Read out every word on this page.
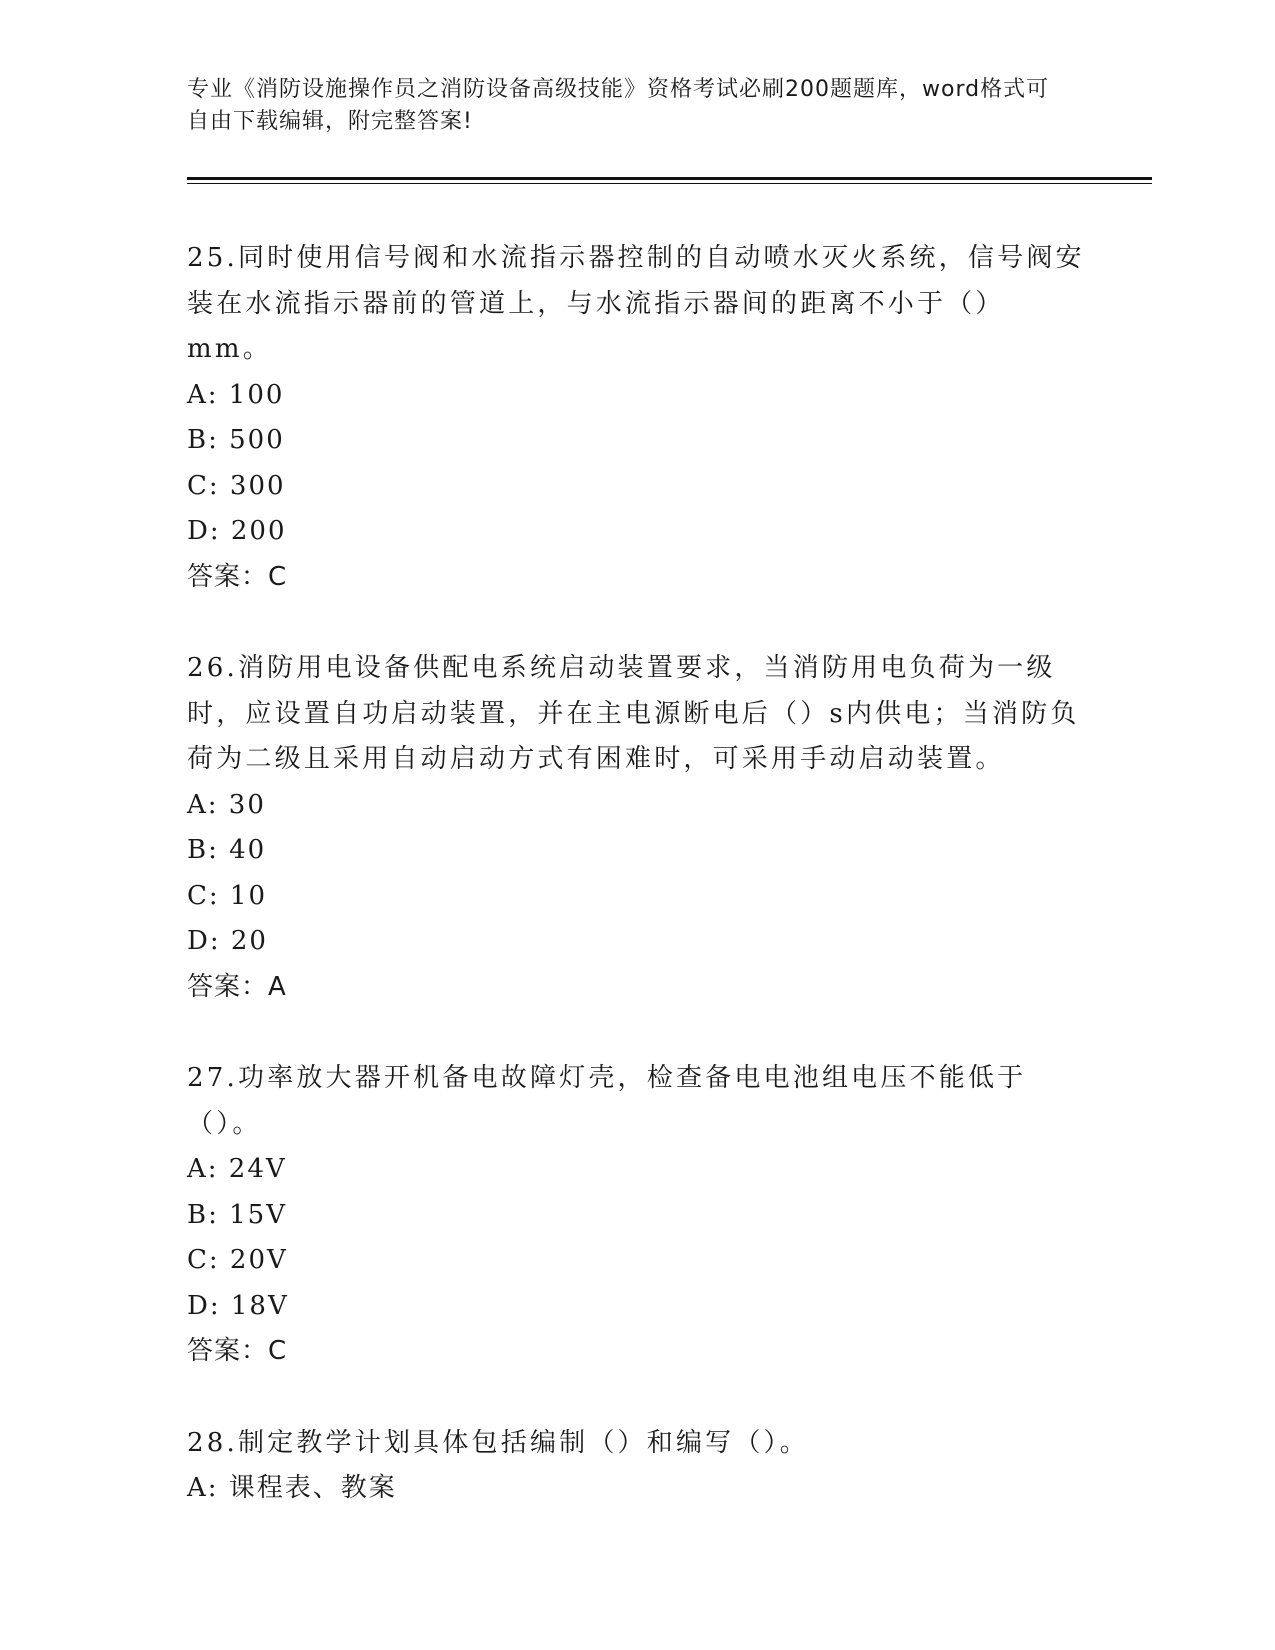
专业《消防设施操作员之消防设备高级技能》资格考试必刷200题题库，word格式可自由下载编辑，附完整答案!

25.同时使用信号阀和水流指示器控制的自动喷水灭火系统，信号阀安装在水流指示器前的管道上，与水流指示器间的距离不小于（）mm。

A: 100

B: 500

C: 300

D: 200

答案：C

26.消防用电设备供配电系统启动装置要求，当消防用电负荷为一级时，应设置自功启动装置，并在主电源断电后（）s内供电；当消防负荷为二级且采用自动启动方式有困难时，可采用手动启动装置。

A: 30

B: 40

C: 10

D: 20

答案：A

27.功率放大器开机备电故障灯壳，检查备电电池组电压不能低于（）。

A: 24V

B: 15V

C: 20V

D: 18V

答案：C

28.制定教学计划具体包括编制（）和编写（）。

A: 课程表、教案
